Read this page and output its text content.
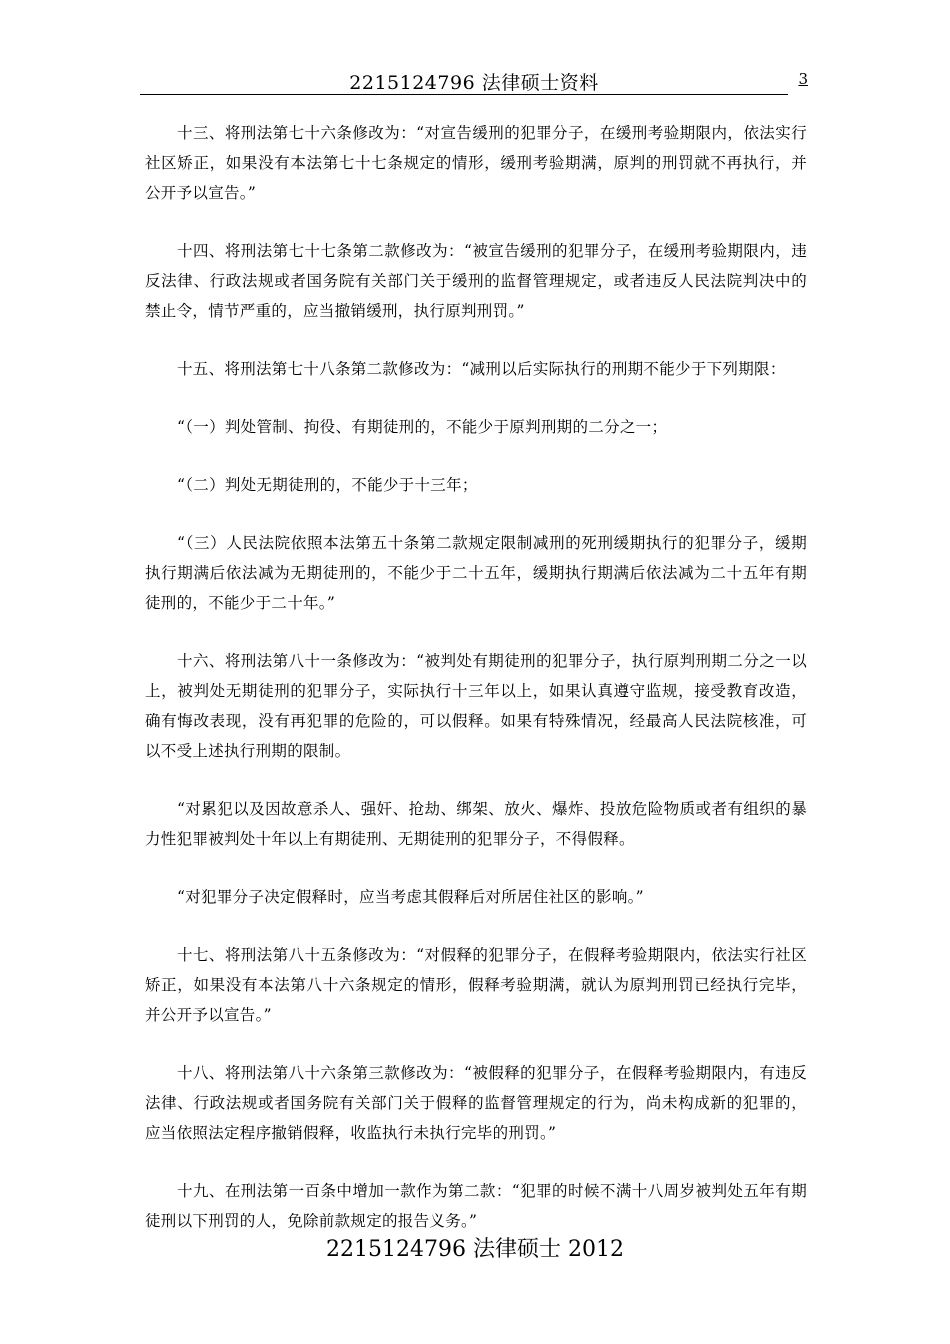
2215124796 法律硕士资料	3

十三、将刑法第七十六条修改为：“对宣告缓刑的犯罪分子，在缓刑考验期限内，依法实行社区矫正，如果没有本法第七十七条规定的情形，缓刑考验期满，原判的刑罚就不再执行，并公开予以宣告。”

十四、将刑法第七十七条第二款修改为：“被宣告缓刑的犯罪分子，在缓刑考验期限内，违反法律、行政法规或者国务院有关部门关于缓刑的监督管理规定，或者违反人民法院判决中的禁止令，情节严重的，应当撤销缓刑，执行原判刑罚。”

十五、将刑法第七十八条第二款修改为：“减刑以后实际执行的刑期不能少于下列期限：

“（一）判处管制、拘役、有期徒刑的，不能少于原判刑期的二分之一；

“（二）判处无期徒刑的，不能少于十三年；

“（三）人民法院依照本法第五十条第二款规定限制减刑的死刑缓期执行的犯罪分子，缓期执行期满后依法减为无期徒刑的，不能少于二十五年，缓期执行期满后依法减为二十五年有期徒刑的，不能少于二十年。”

十六、将刑法第八十一条修改为：“被判处有期徒刑的犯罪分子，执行原判刑期二分之一以上，被判处无期徒刑的犯罪分子，实际执行十三年以上，如果认真遵守监规，接受教育改造，确有悔改表现，没有再犯罪的危险的，可以假释。如果有特殊情况，经最高人民法院核准，可以不受上述执行刑期的限制。

“对累犯以及因故意杀人、强奸、抢劫、绑架、放火、爆炸、投放危险物质或者有组织的暴力性犯罪被判处十年以上有期徒刑、无期徒刑的犯罪分子，不得假释。

“对犯罪分子决定假释时，应当考虑其假释后对所居住社区的影响。”

十七、将刑法第八十五条修改为：“对假释的犯罪分子，在假释考验期限内，依法实行社区矫正，如果没有本法第八十六条规定的情形，假释考验期满，就认为原判刑罚已经执行完毕，并公开予以宣告。”

十八、将刑法第八十六条第三款修改为：“被假释的犯罪分子，在假释考验期限内，有违反法律、行政法规或者国务院有关部门关于假释的监督管理规定的行为，尚未构成新的犯罪的，应当依照法定程序撤销假释，收监执行未执行完毕的刑罚。”

十九、在刑法第一百条中增加一款作为第二款：“犯罪的时候不满十八周岁被判处五年有期徒刑以下刑罚的人，免除前款规定的报告义务。”

2215124796 法律硕士 2012
